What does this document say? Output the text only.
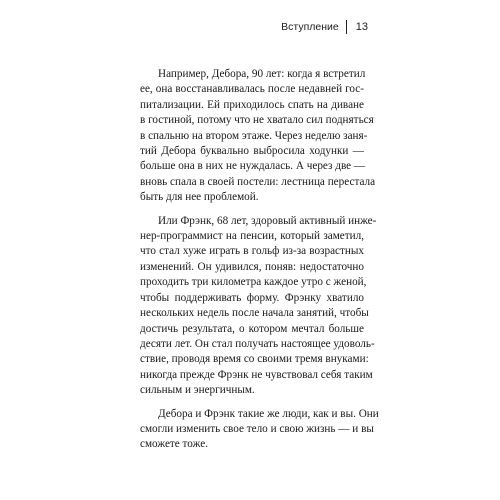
Вступление	13

Например, Дебора, 90 лет: когда я встретил
ее, она восстанавливалась после недавней гос-
питализации. Ей приходилось спать на диване
в гостиной, потому что не хватало сил подняться
в спальню на втором этаже. Через неделю заня-
тий Дебора буквально выбросила ходунки —
больше она в них не нуждалась. А через две —
вновь спала в своей постели: лестница перестала
быть для нее проблемой.

Или Фрэнк, 68 лет, здоровый активный инже-
нер-программист на пенсии, который заметил,
что стал хуже играть в гольф из-за возрастных
изменений. Он удивился, поняв: недостаточно
проходить три километра каждое утро с женой,
чтобы поддерживать форму. Фрэнку хватило
нескольких недель после начала занятий, чтобы
достичь результата, о котором мечтал больше
десяти лет. Он стал получать настоящее удоволь-
ствие, проводя время со своими тремя внуками:
никогда прежде Фрэнк не чувствовал себя таким
сильным и энергичным.

Дебора и Фрэнк такие же люди, как и вы. Они
смогли изменить свое тело и свою жизнь — и вы
сможете тоже.
